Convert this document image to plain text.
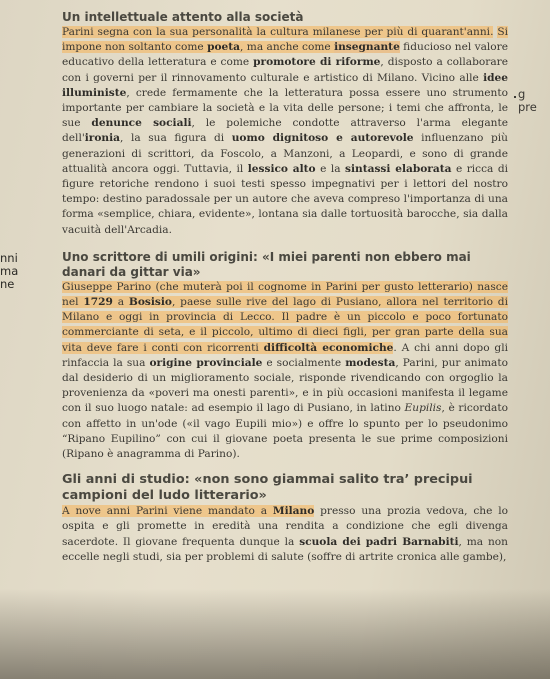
nni
ma
ne
g
pre
Un intellettuale attento alla società

Parini segna con la sua personalità la cultura milanese per più di quarant'anni. Si impone non soltanto come poeta, ma anche come insegnante fiducioso nel valore educativo della letteratura e come promotore di riforme, disposto a collaborare con i governi per il rinnovamento culturale e artistico di Milano. Vicino alle idee illuministe, crede fermamente che la letteratura possa essere uno strumento importante per cambiare la società e la vita delle persone; i temi che affronta, le sue denunce sociali, le polemiche condotte attraverso l'arma elegante dell'ironia, la sua figura di uomo dignitoso e autorevole influenzano più generazioni di scrittori, da Foscolo, a Manzoni, a Leopardi, e sono di grande attualità ancora oggi. Tuttavia, il lessico alto e la sintassi elaborata e ricca di figure retoriche rendono i suoi testi spesso impegnativi per i lettori del nostro tempo: destino paradossale per un autore che aveva compreso l'importanza di una forma «semplice, chiara, evidente», lontana sia dalle tortuosità barocche, sia dalla vacuità dell'Arcadia.

Uno scrittore di umili origini: «I miei parenti non ebbero mai danari da gittar via»

Giuseppe Parino (che muterà poi il cognome in Parini per gusto letterario) nasce nel 1729 a Bosisio, paese sulle rive del lago di Pusiano, allora nel territorio di Milano e oggi in provincia di Lecco. Il padre è un piccolo e poco fortunato commerciante di seta, e il piccolo, ultimo di dieci figli, per gran parte della sua vita deve fare i conti con ricorrenti difficoltà economiche. A chi anni dopo gli rinfaccia la sua origine provinciale e socialmente modesta, Parini, pur animato dal desiderio di un miglioramento sociale, risponde rivendicando con orgoglio la provenienza da «poveri ma onesti parenti», e in più occasioni manifesta il legame con il suo luogo natale: ad esempio il lago di Pusiano, in latino Eupilis, è ricordato con affetto in un'ode («il vago Eupili mio») e offre lo spunto per lo pseudonimo “Ripano Eupilino” con cui il giovane poeta presenta le sue prime composizioni (Ripano è anagramma di Parino).

Gli anni di studio: «non sono giammai salito tra’ precipui campioni del ludo litterario»

A nove anni Parini viene mandato a Milano presso una prozia vedova, che lo ospita e gli promette in eredità una rendita a condizione che egli divenga sacerdote. Il giovane frequenta dunque la scuola dei padri Barnabiti, ma non eccelle negli studi, sia per problemi di salute (soffre di artrite cronica alle gambe),
